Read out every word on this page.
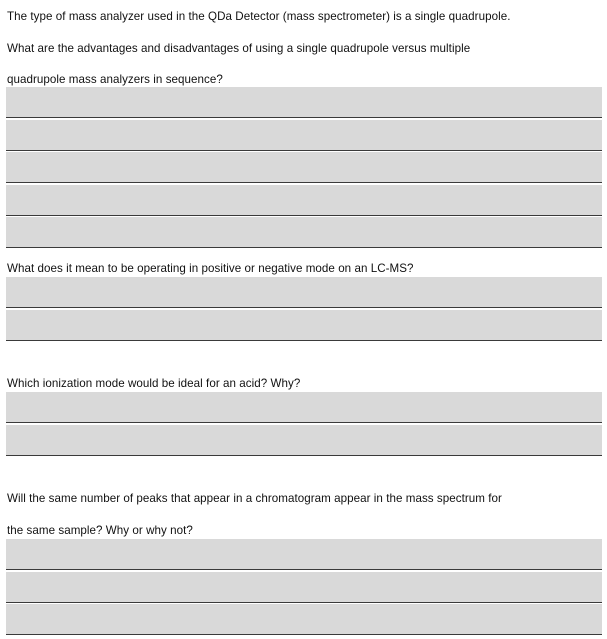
The type of mass analyzer used in the QDa Detector (mass spectrometer) is a single quadrupole.
What are the advantages and disadvantages of using a single quadrupole versus multiple
quadrupole mass analyzers in sequence?
What does it mean to be operating in positive or negative mode on an LC-MS?
Which ionization mode would be ideal for an acid? Why?
Will the same number of peaks that appear in a chromatogram appear in the mass spectrum for
the same sample? Why or why not?
